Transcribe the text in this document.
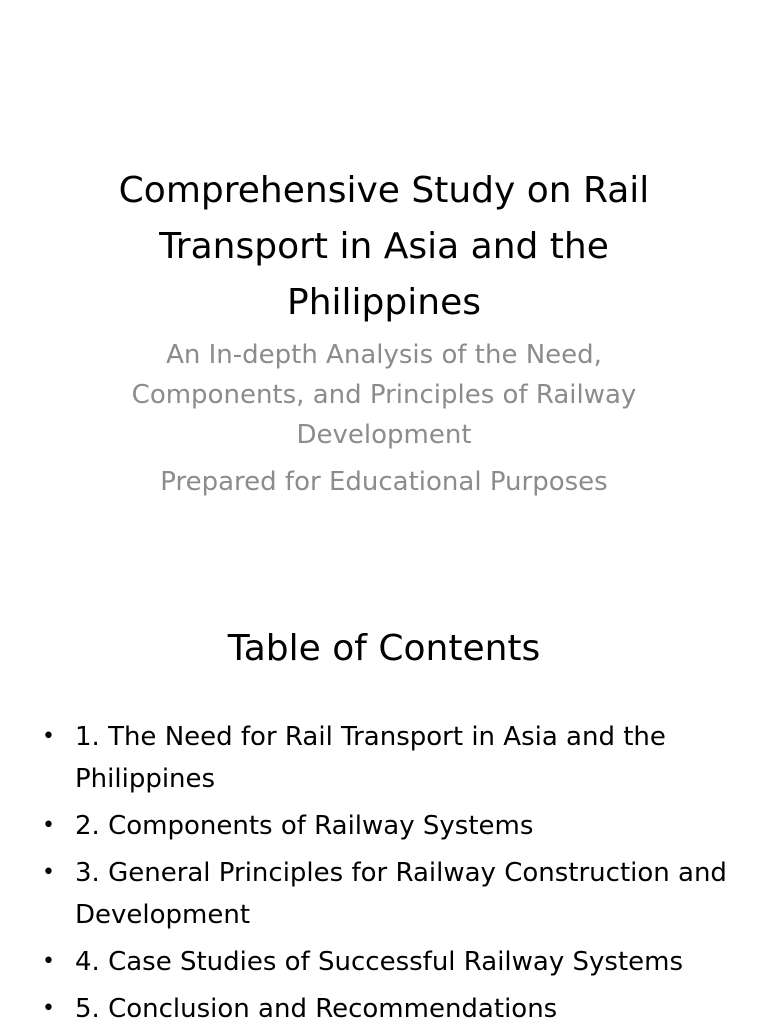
Comprehensive Study on Rail Transport in Asia and the Philippines

An In-depth Analysis of the Need, Components, and Principles of Railway Development

Prepared for Educational Purposes

Table of Contents
• 1. The Need for Rail Transport in Asia and the Philippines
• 2. Components of Railway Systems
• 3. General Principles for Railway Construction and Development
• 4. Case Studies of Successful Railway Systems
• 5. Conclusion and Recommendations
